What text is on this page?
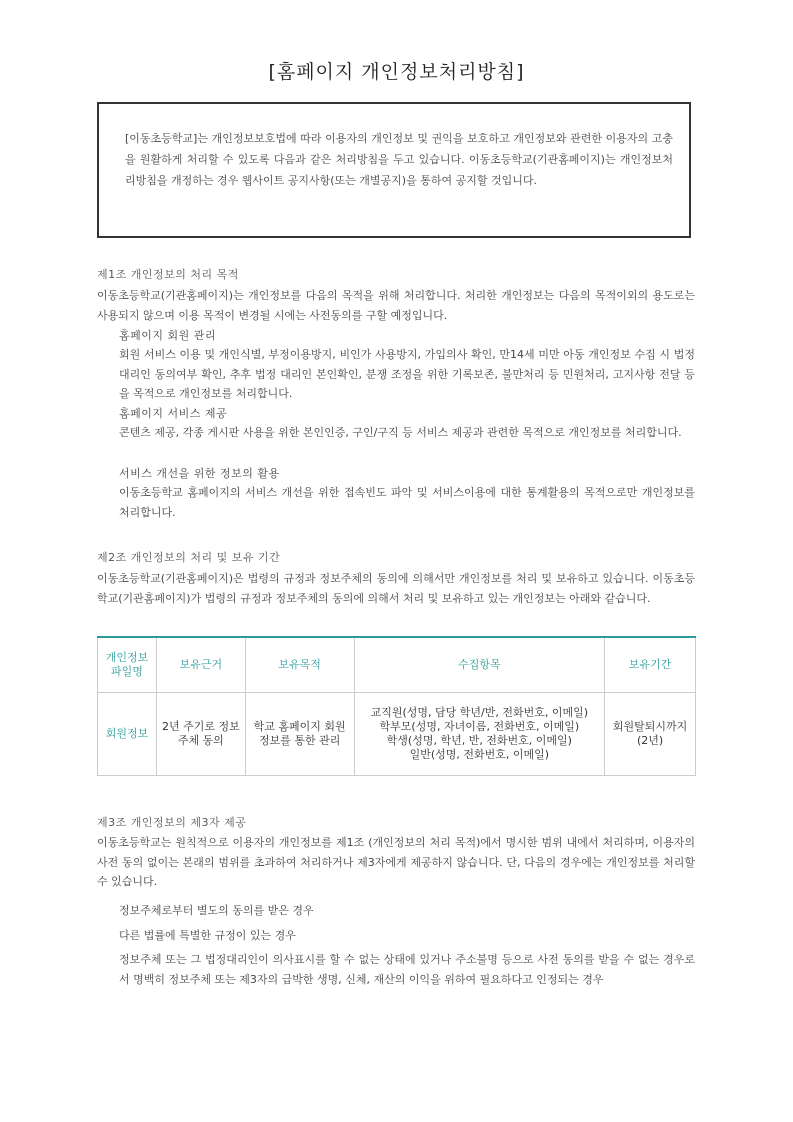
[홈페이지 개인정보처리방침]

[이동초등학교]는 개인정보보호법에 따라 이용자의 개인정보 및 권익을 보호하고 개인정보와 관련한 이용자의 고충을 원활하게 처리할 수 있도록 다음과 같은 처리방침을 두고 있습니다. 이동초등학교(기관홈페이지)는 개인정보처리방침을 개정하는 경우 웹사이트 공지사항(또는 개별공지)을 통하여 공지할 것입니다.

제1조 개인정보의 처리 목적

이동초등학교(기관홈페이지)는 개인정보를 다음의 목적을 위해 처리합니다. 처리한 개인정보는 다음의 목적이외의 용도로는 사용되지 않으며 이용 목적이 변경될 시에는 사전동의를 구할 예정입니다.

홈페이지 회원 관리

회원 서비스 이용 및 개인식별, 부정이용방지, 비인가 사용방지, 가입의사 확인, 만14세 미만 아동 개인정보 수집 시 법정대리인 동의여부 확인, 추후 법정 대리인 본인확인, 분쟁 조정을 위한 기록보존, 불만처리 등 민원처리, 고지사항 전달 등을 목적으로 개인정보를 처리합니다.

홈페이지 서비스 제공

콘텐츠 제공, 각종 게시판 사용을 위한 본인인증, 구인/구직 등 서비스 제공과 관련한 목적으로 개인정보를 처리합니다.

서비스 개선을 위한 정보의 활용

이동초등학교 홈페이지의 서비스 개선을 위한 접속빈도 파악 및 서비스이용에 대한 통계활용의 목적으로만 개인정보를 처리합니다.

제2조 개인정보의 처리 및 보유 기간

이동초등학교(기관홈페이지)은 법령의 규정과 정보주체의 동의에 의해서만 개인정보를 처리 및 보유하고 있습니다. 이동초등학교(기관홈페이지)가 법령의 규정과 정보주체의 동의에 의해서 처리 및 보유하고 있는 개인정보는 아래와 같습니다.

개인정보파일명	보유근거	보유목적	수집항목	보유기간
회원정보	2년 주기로 정보주체 동의	학교 홈페이지 회원정보를 통한 관리	교직원(성명, 담당 학년/반, 전화번호, 이메일)
학부모(성명, 자녀이름, 전화번호, 이메일)
학생(성명, 학년, 반, 전화번호, 이메일)
일반(성명, 전화번호, 이메일)	회원탈퇴시까지 (2년)
제3조 개인정보의 제3자 제공

이동초등학교는 원칙적으로 이용자의 개인정보를 제1조 (개인정보의 처리 목적)에서 명시한 범위 내에서 처리하며, 이용자의 사전 동의 없이는 본래의 범위를 초과하여 처리하거나 제3자에게 제공하지 않습니다. 단, 다음의 경우에는 개인정보를 처리할 수 있습니다.

정보주체로부터 별도의 동의를 받은 경우

다른 법률에 특별한 규정이 있는 경우

정보주체 또는 그 법정대리인이 의사표시를 할 수 없는 상태에 있거나 주소불명 등으로 사전 동의를 받을 수 없는 경우로서 명백히 정보주체 또는 제3자의 급박한 생명, 신체, 재산의 이익을 위하여 필요하다고 인정되는 경우
